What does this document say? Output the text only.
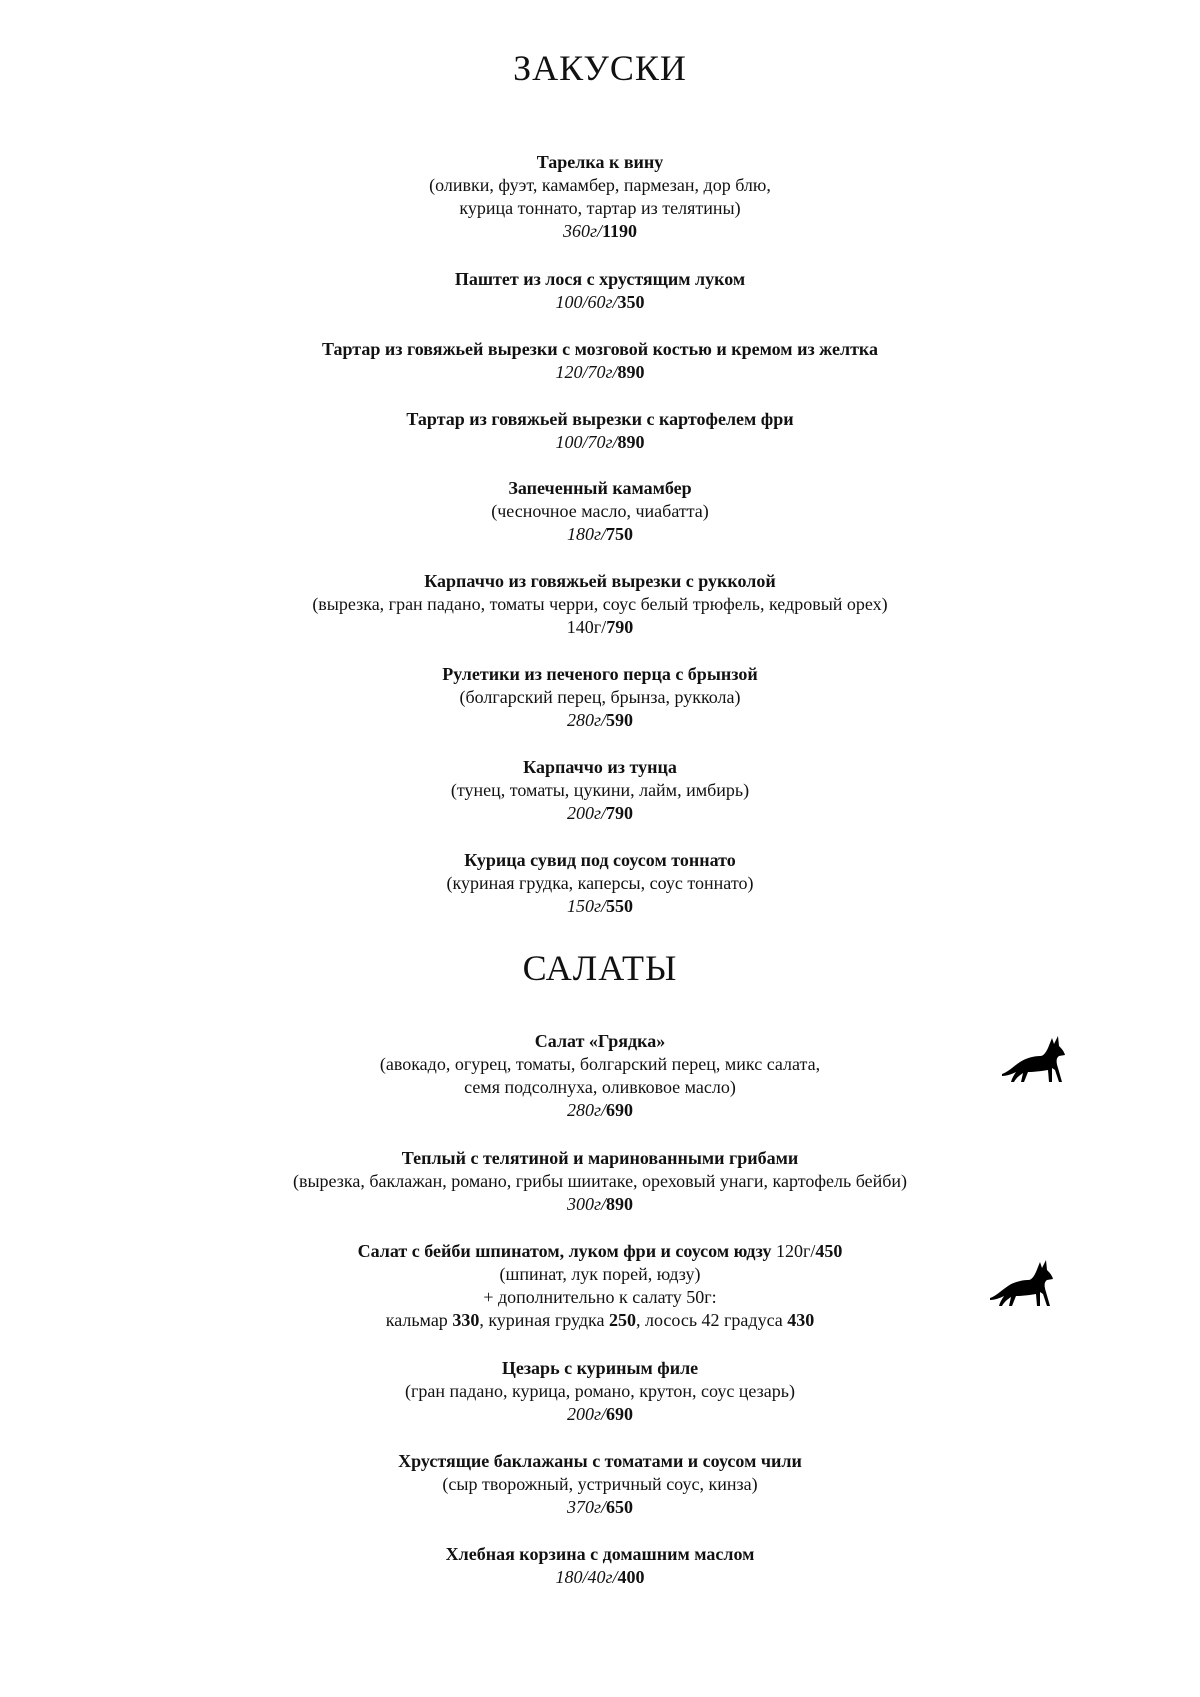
ЗАКУСКИ
Тарелка к вину
(оливки, фуэт, камамбер, пармезан, дор блю,
курица тоннато, тартар из телятины)
360г/1190
Паштет из лося с хрустящим луком
100/60г/350
Тартар из говяжьей вырезки с мозговой костью и кремом из желтка
120/70г/890
Тартар из говяжьей вырезки с картофелем фри
100/70г/890
Запеченный камамбер
(чесночное масло, чиабатта)
180г/750
Карпаччо из говяжьей вырезки с рукколой
(вырезка, гран падано, томаты черри, соус белый трюфель, кедровый орех)
140г/790
Рулетики из печеного перца с брынзой
(болгарский перец, брынза, руккола)
280г/590
Карпаччо из тунца
(тунец, томаты, цукини, лайм, имбирь)
200г/790
Курица сувид под соусом тоннато
(куриная грудка, каперсы, соус тоннато)
150г/550
САЛАТЫ
Салат «Грядка»
(авокадо, огурец, томаты, болгарский перец, микс салата,
семя подсолнуха, оливковое масло)
280г/690
Теплый с телятиной и маринованными грибами
(вырезка, баклажан, романо, грибы шиитаке, ореховый унаги, картофель бейби)
300г/890
Салат с бейби шпинатом, луком фри и соусом юдзу 120г/450
(шпинат, лук порей, юдзу)
+ дополнительно к салату 50г:
кальмар 330, куриная грудка 250, лосось 42 градуса 430
Цезарь с куриным филе
(гран падано, курица, романо, крутон, соус цезарь)
200г/690
Хрустящие баклажаны с томатами и соусом чили
(сыр творожный, устричный соус, кинза)
370г/650
Хлебная корзина с домашним маслом
180/40г/400
